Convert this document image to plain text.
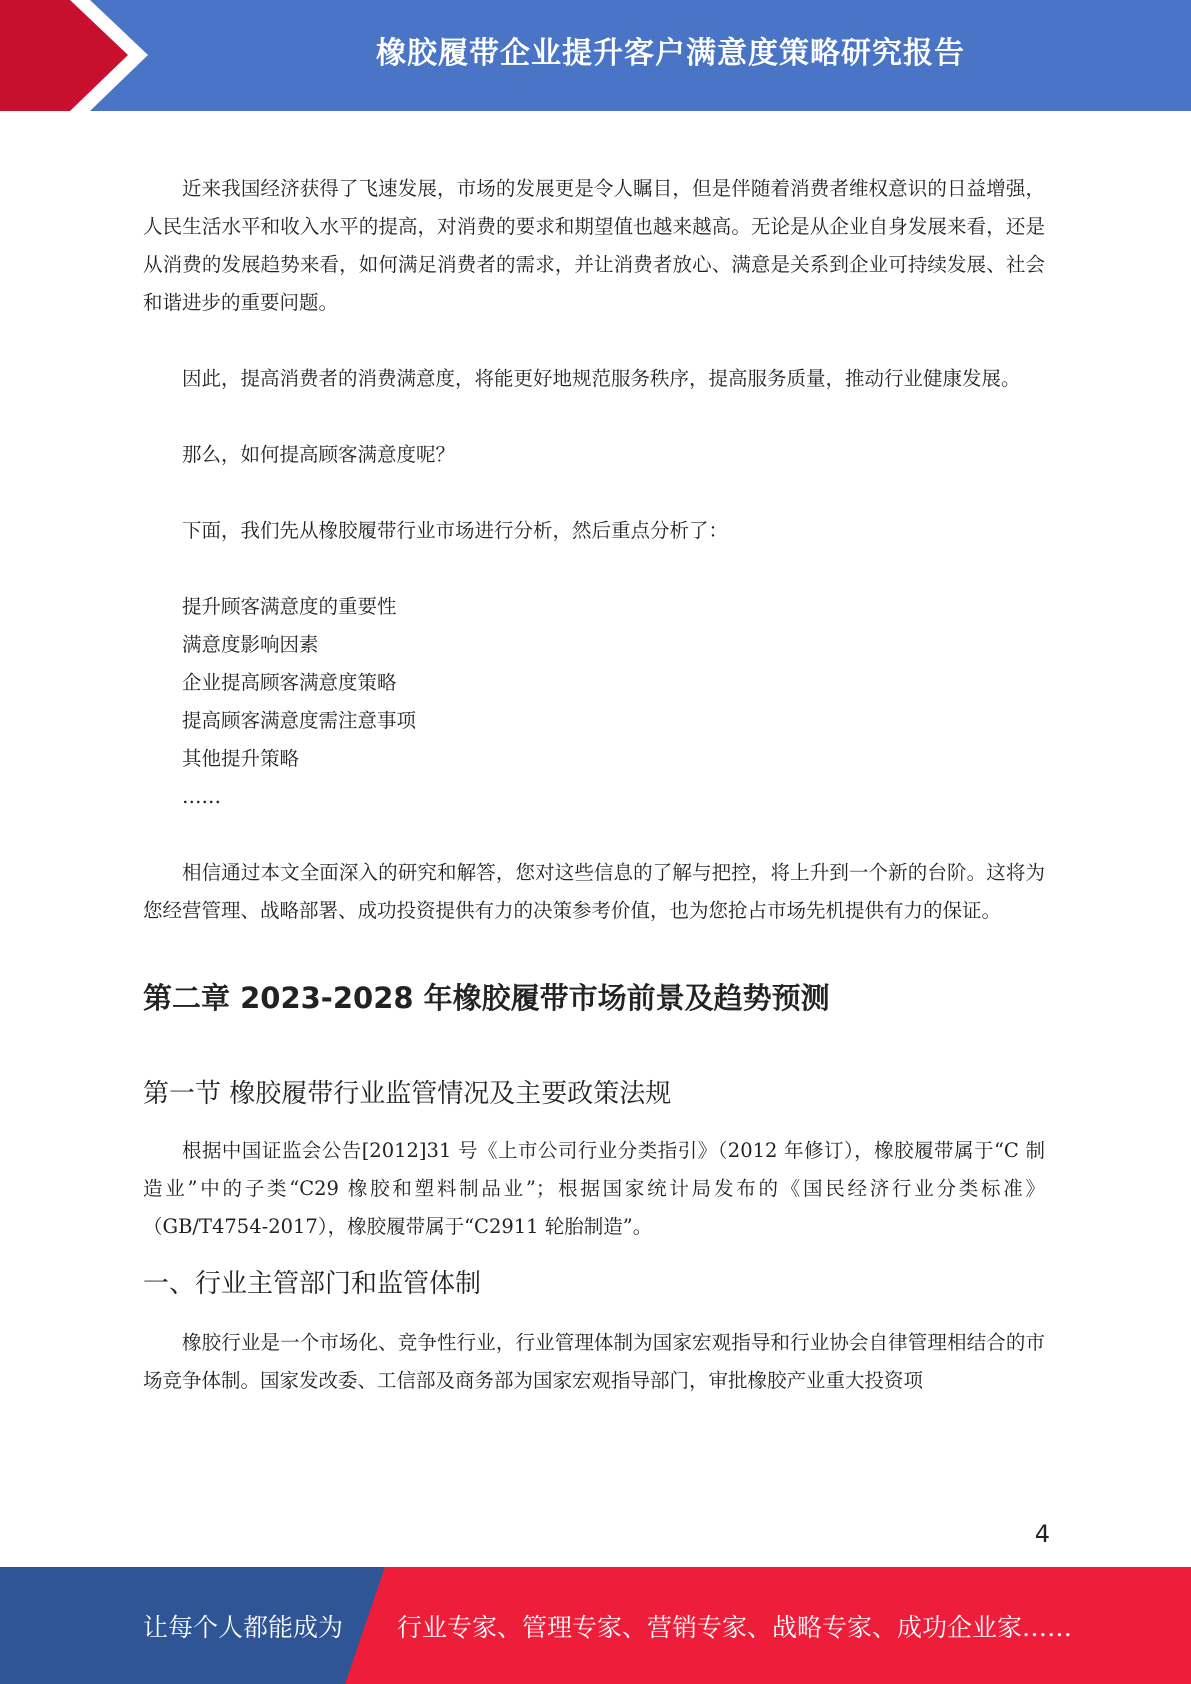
橡胶履带企业提升客户满意度策略研究报告

近来我国经济获得了飞速发展，市场的发展更是令人瞩目，但是伴随着消费者维权意识的日益增强，人民生活水平和收入水平的提高，对消费的要求和期望值也越来越高。无论是从企业自身发展来看，还是从消费的发展趋势来看，如何满足消费者的需求，并让消费者放心、满意是关系到企业可持续发展、社会和谐进步的重要问题。

因此，提高消费者的消费满意度，将能更好地规范服务秩序，提高服务质量，推动行业健康发展。

那么，如何提高顾客满意度呢？

下面，我们先从橡胶履带行业市场进行分析，然后重点分析了：

提升顾客满意度的重要性
满意度影响因素
企业提高顾客满意度策略
提高顾客满意度需注意事项
其他提升策略
……

相信通过本文全面深入的研究和解答，您对这些信息的了解与把控，将上升到一个新的台阶。这将为您经营管理、战略部署、成功投资提供有力的决策参考价值，也为您抢占市场先机提供有力的保证。

第二章 2023-2028 年橡胶履带市场前景及趋势预测
第一节 橡胶履带行业监管情况及主要政策法规

根据中国证监会公告[2012]31 号《上市公司行业分类指引》（2012 年修订），橡胶履带属于“C 制造业”中的子类“C29 橡胶和塑料制品业”；根据国家统计局发布的《国民经济行业分类标准》（GB/T4754-2017），橡胶履带属于“C2911 轮胎制造”。

一、行业主管部门和监管体制

橡胶行业是一个市场化、竞争性行业，行业管理体制为国家宏观指导和行业协会自律管理相结合的市场竞争体制。国家发改委、工信部及商务部为国家宏观指导部门，审批橡胶产业重大投资项

4
让每个人都能成为 行业专家、管理专家、营销专家、战略专家、成功企业家……
